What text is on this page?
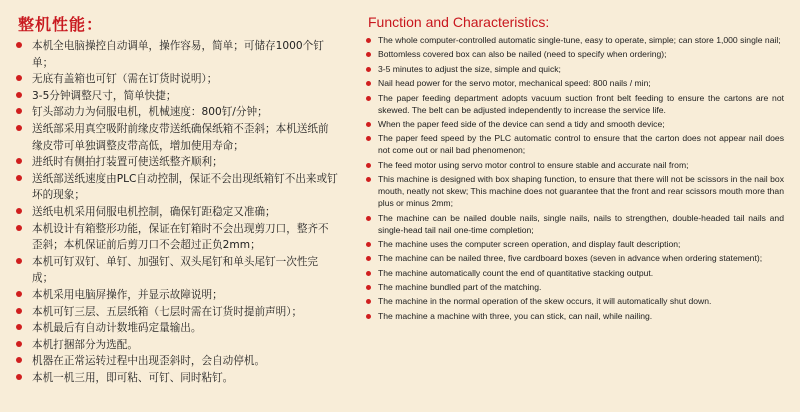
整机性能：
本机全电脑操控自动调单，操作容易，简单；可储存1000个钉单；
无底有盖箱也可钉（需在订货时说明）；
3-5分钟调整尺寸，简单快捷；
钉头部动力为伺服电机，机械速度：800钉/分钟；
送纸部采用真空吸附前缘皮带送纸确保纸箱不歪斜；本机送纸前缘皮带可单独调整皮带高低，增加使用寿命；
进纸时有侧拍打装置可使送纸整齐顺利；
送纸部送纸速度由PLC自动控制，保证不会出现纸箱钉不出来或钉坏的现象；
送纸电机采用伺服电机控制，确保钉距稳定又准确；
本机设计有箱整形功能，保证在钉箱时不会出现剪刀口，整齐不歪斜；本机保证前后剪刀口不会超过正负2mm；
本机可钉双钉、单钉、加强钉、双头尾钉和单头尾钉一次性完成；
本机采用电脑屏操作，并显示故障说明；
本机可钉三层、五层纸箱（七层时需在订货时提前声明）；
本机最后有自动计数堆码定量输出。
本机打捆部分为选配。
机器在正常运转过程中出现歪斜时，会自动停机。
本机一机三用，即可粘、可钉、同时粘钉。
Function and Characteristics:
The whole computer-controlled automatic single-tune, easy to operate, simple; can store 1,000 single nail;
Bottomless covered box can also be nailed (need to specify when ordering);
3-5 minutes to adjust the size, simple and quick;
Nail head power for the servo motor, mechanical speed: 800 nails / min;
The paper feeding department adopts vacuum suction front belt feeding to ensure the cartons are not skewed. The belt can be adjusted independently to increase the service life.
When the paper feed side of the device can send a tidy and smooth device;
The paper feed speed by the PLC automatic control to ensure that the carton does not appear nail does not come out or nail bad phenomenon;
The feed motor using servo motor control to ensure stable and accurate nail from;
This machine is designed with box shaping function, to ensure that there will not be scissors in the nail box mouth, neatly not skew; This machine does not guarantee that the front and rear scissors mouth more than plus or minus 2mm;
The machine can be nailed double nails, single nails, nails to strengthen, double-headed tail nails and single-head tail nail one-time completion;
The machine uses the computer screen operation, and display fault description;
The machine can be nailed three, five cardboard boxes (seven in advance when ordering statement);
The machine automatically count the end of quantitative stacking output.
The machine bundled part of the matching.
The machine in the normal operation of the skew occurs, it will automatically shut down.
The machine a machine with three, you can stick, can nail, while nailing.
